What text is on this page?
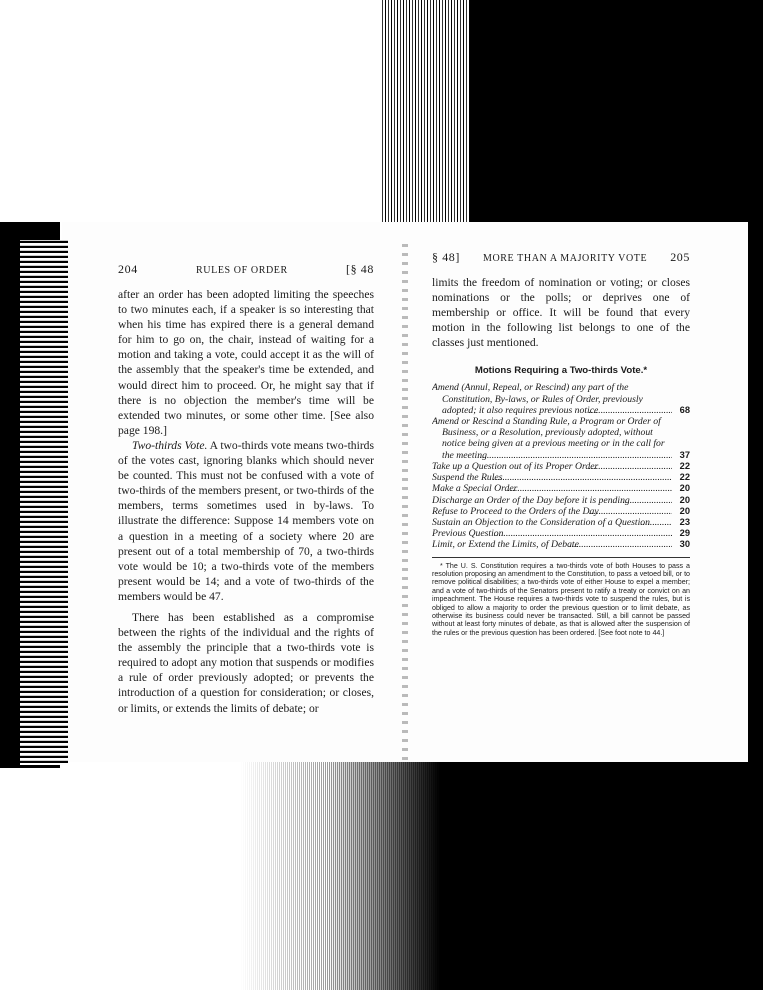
204	RULES OF ORDER	[§ 48

after an order has been adopted limiting the speeches to two minutes each, if a speaker is so interesting that when his time has expired there is a general demand for him to go on, the chair, instead of waiting for a motion and taking a vote, could accept it as the will of the assembly that the speaker's time be extended, and would direct him to proceed. Or, he might say that if there is no objection the member's time will be extended two minutes, or some other time. [See also page 198.]

Two-thirds Vote. A two-thirds vote means two-thirds of the votes cast, ignoring blanks which should never be counted. This must not be confused with a vote of two-thirds of the members present, or two-thirds of the members, terms sometimes used in by-laws. To illustrate the difference: Suppose 14 members vote on a question in a meeting of a society where 20 are present out of a total membership of 70, a two-thirds vote would be 10; a two-thirds vote of the members present would be 14; and a vote of two-thirds of the members would be 47.

There has been established as a compromise between the rights of the individual and the rights of the assembly the principle that a two-thirds vote is required to adopt any motion that suspends or modifies a rule of order previously adopted; or prevents the introduction of a question for consideration; or closes, or limits, or extends the limits of debate; or

§ 48] MORE THAN A MAJORITY VOTE 205

limits the freedom of nomination or voting; or closes nominations or the polls; or deprives one of membership or office. It will be found that every motion in the following list belongs to one of the classes just mentioned.

Motions Requiring a Two-thirds Vote.*
Amend (Annul, Repeal, or Rescind) any part of the Constitution, By-laws, or Rules of Order, previously adopted; it also requires previous notice .....	68
Amend or Rescind a Standing Rule, a Program or Order of Business, or a Resolution, previously adopted, without notice being given at a previous meeting or in the call for the meeting .....	37
Take up a Question out of its Proper Order .....	22
Suspend the Rules .....	22
Make a Special Order .....	20
Discharge an Order of the Day before it is pending .....	20
Refuse to Proceed to the Orders of the Day .....	20
Sustain an Objection to the Consideration of a Question .....	23
Previous Question .....	29
Limit, or Extend the Limits, of Debate .....	30

* The U. S. Constitution requires a two-thirds vote of both Houses to pass a resolution proposing an amendment to the Constitution, to pass a vetoed bill, or to remove political disabilities; a two-thirds vote of either House to expel a member; and a vote of two-thirds of the Senators present to ratify a treaty or convict on an impeachment. The House requires a two-thirds vote to suspend the rules, but is obliged to allow a majority to order the previous question or to limit debate, as otherwise its business could never be transacted. Still, a bill cannot be passed without at least forty minutes of debate, as that is allowed after the suspension of the rules or the previous question has been ordered. [See foot note to 44.]
